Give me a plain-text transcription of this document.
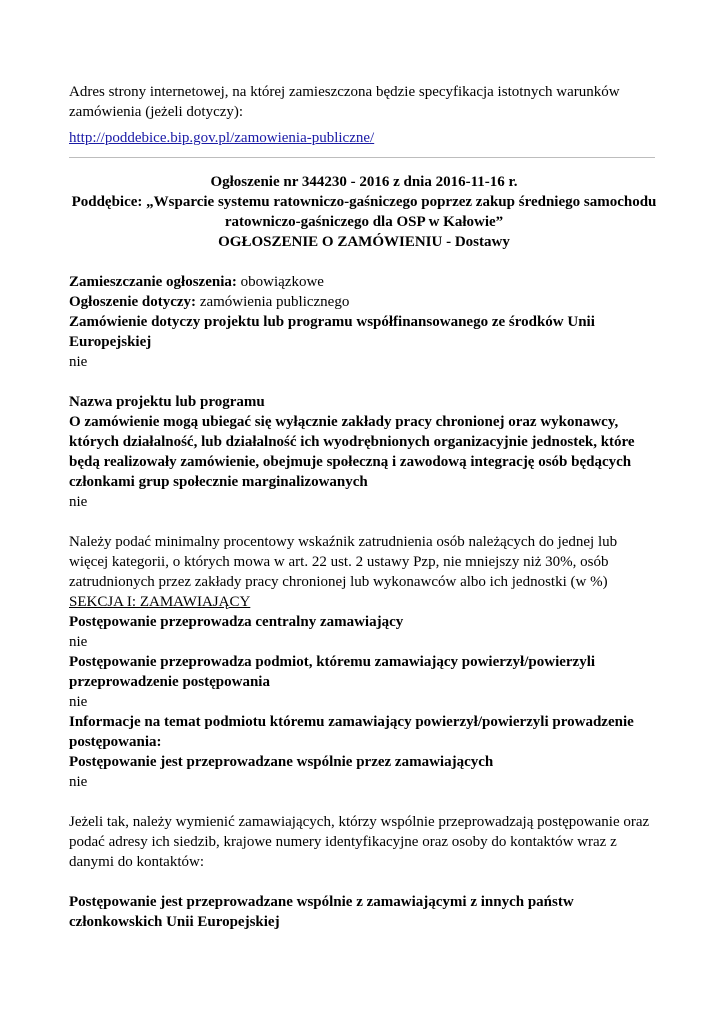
Adres strony internetowej, na której zamieszczona będzie specyfikacja istotnych warunków zamówienia (jeżeli dotyczy):

http://poddebice.bip.gov.pl/zamowienia-publiczne/

Ogłoszenie nr 344230 - 2016 z dnia 2016-11-16 r.

Poddębice: „Wsparcie systemu ratowniczo-gaśniczego poprzez zakup średniego samochodu ratowniczo-gaśniczego dla OSP w Kałowie”

OGŁOSZENIE O ZAMÓWIENIU - Dostawy

Zamieszczanie ogłoszenia: obowiązkowe

Ogłoszenie dotyczy: zamówienia publicznego

Zamówienie dotyczy projektu lub programu współfinansowanego ze środków Unii Europejskiej

nie

Nazwa projektu lub programu

O zamówienie mogą ubiegać się wyłącznie zakłady pracy chronionej oraz wykonawcy, których działalność, lub działalność ich wyodrębnionych organizacyjnie jednostek, które będą realizowały zamówienie, obejmuje społeczną i zawodową integrację osób będących członkami grup społecznie marginalizowanych

nie

Należy podać minimalny procentowy wskaźnik zatrudnienia osób należących do jednej lub więcej kategorii, o których mowa w art. 22 ust. 2 ustawy Pzp, nie mniejszy niż 30%, osób zatrudnionych przez zakłady pracy chronionej lub wykonawców albo ich jednostki (w %)

SEKCJA I: ZAMAWIAJĄCY

Postępowanie przeprowadza centralny zamawiający

nie

Postępowanie przeprowadza podmiot, któremu zamawiający powierzył/powierzyli przeprowadzenie postępowania

nie

Informacje na temat podmiotu któremu zamawiający powierzył/powierzyli prowadzenie postępowania:

Postępowanie jest przeprowadzane wspólnie przez zamawiających

nie

Jeżeli tak, należy wymienić zamawiających, którzy wspólnie przeprowadzają postępowanie oraz podać adresy ich siedzib, krajowe numery identyfikacyjne oraz osoby do kontaktów wraz z danymi do kontaktów:

Postępowanie jest przeprowadzane wspólnie z zamawiającymi z innych państw członkowskich Unii Europejskiej
